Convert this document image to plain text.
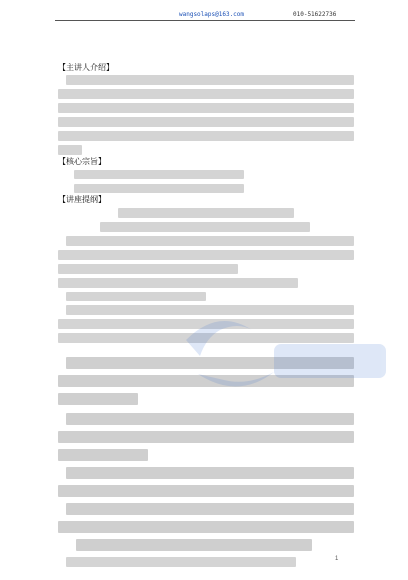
wangsolaps@163.com	010-51622736
【主讲人介绍】
【核心宗旨】
【讲座提纲】
1
